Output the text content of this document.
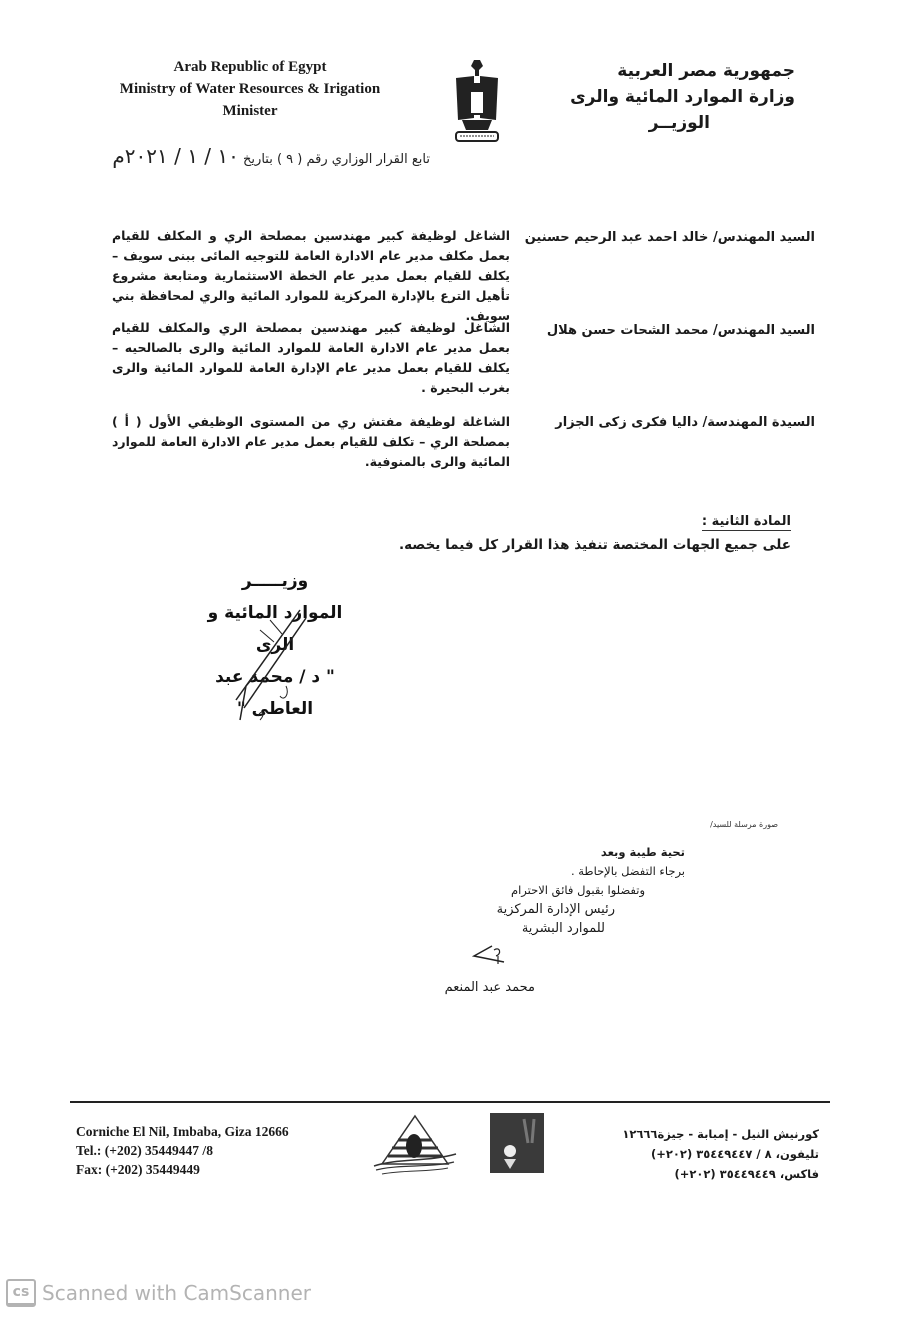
Arab Republic of Egypt
Ministry of Water Resources & Irigation
Minister
جمهورية مصر العربية
وزارة الموارد المائية والرى
الوزيــر
تابع القرار الوزاري رقم ( ٩ ) بتاريخ ١٠ / ١ / ٢٠٢١م
السيد المهندس/ خالد احمد عبد الرحيم حسنين
الشاغل لوظيفة كبير مهندسين بمصلحة الري و المكلف للقيام بعمل مكلف مدير عام الادارة العامة للتوجيه المائى ببنى سويف – يكلف للقيام بعمل مدير عام الخطة الاستثمارية ومتابعة مشروع تأهيل الترع بالإدارة المركزية للموارد المائية والري لمحافظة بني سويف.
السيد المهندس/ محمد الشحات حسن هلال
الشاغل لوظيفة كبير مهندسين بمصلحة الري والمكلف للقيام بعمل مدير عام الادارة العامة للموارد المائية والرى بالصالحيه – يكلف للقيام بعمل مدير عام الإدارة العامة للموارد المائية والرى بغرب البحيرة .
السيدة المهندسة/ داليا فكرى زكى الجزار
الشاغلة لوظيفة مفتش ري من المستوى الوظيفي الأول ( أ ) بمصلحة الري – تكلف للقيام بعمل مدير عام الادارة العامة للموارد المائية والرى بالمنوفية.
المادة الثانية :
على جميع الجهات المختصة تنفيذ هذا القرار كل فيما يخصه.
وزيـــــر
الموارد المائية و الرى
" د / محمد عبد العاطى "
صورة مرسلة للسيد/
تحية طيبة وبعد
برجاء التفضل بالإحاطة .
وتفضلوا بقبول فائق الاحترام
رئيس الإدارة المركزية
للموارد البشرية
محمد عبد المنعم
Corniche El Nil, Imbaba, Giza 12666
Tel.: (+202) 35449447 /8
Fax: (+202) 35449449
كورنيش النيل - إمبابة - جيزة١٢٦٦٦
تليفون، ٨ / ٣٥٤٤٩٤٤٧ (٢٠٢+)
فاكس، ٣٥٤٤٩٤٤٩ (٢٠٢+)
cs Scanned with CamScanner
